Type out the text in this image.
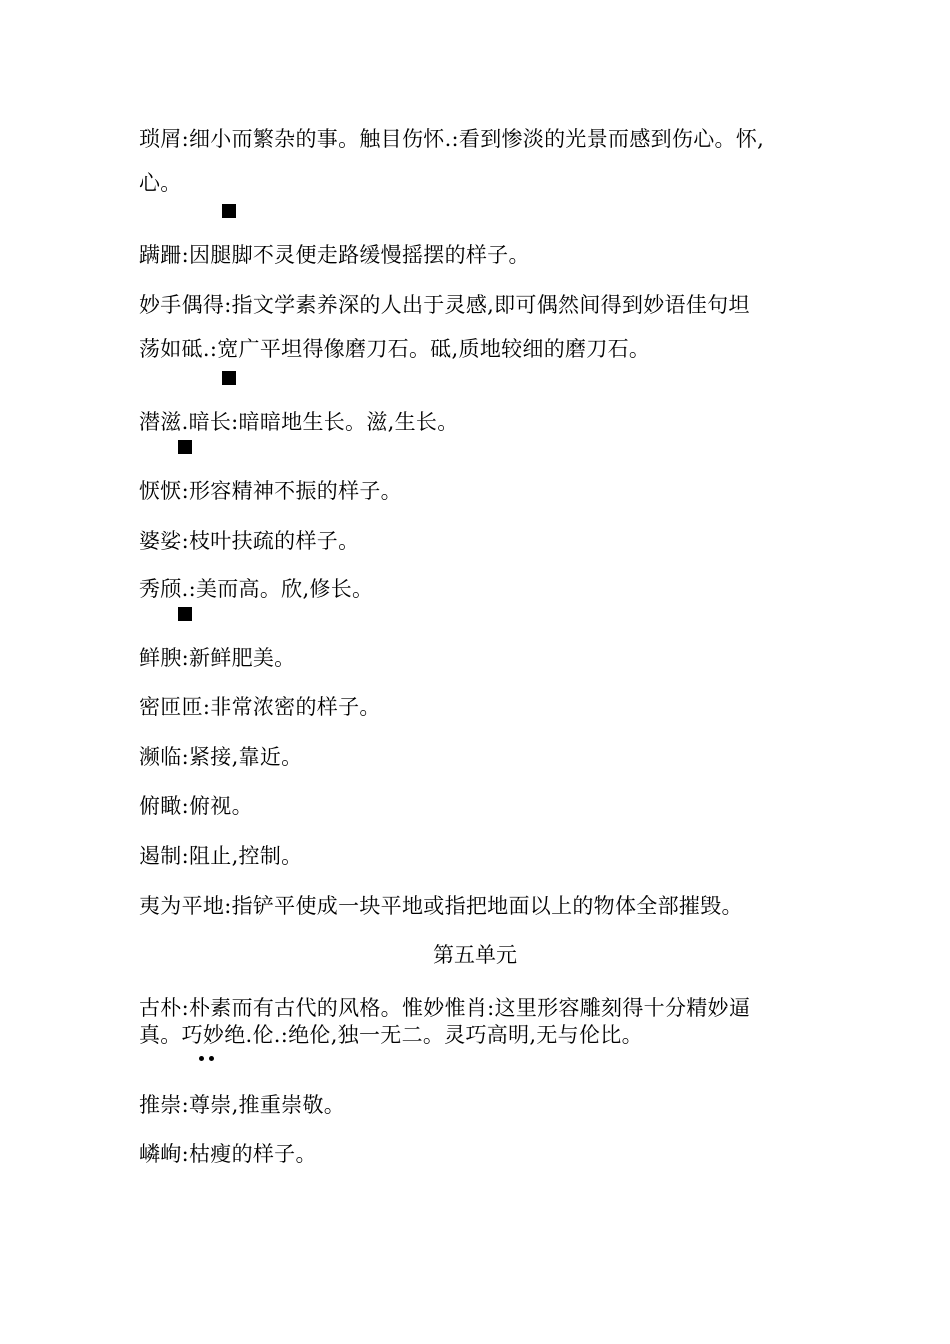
琐屑:细小而繁杂的事。触目伤怀.:看到惨淡的光景而感到伤心。怀,
心。
蹒跚:因腿脚不灵便走路缓慢摇摆的样子。
妙手偶得:指文学素养深的人出于灵感,即可偶然间得到妙语佳句坦
荡如砥.:宽广平坦得像磨刀石。砥,质地较细的磨刀石。
潜滋.暗长:暗暗地生长。滋,生长。
恹恹:形容精神不振的样子。
婆娑:枝叶扶疏的样子。
秀颀.:美而高。欣,修长。
鲜腴:新鲜肥美。
密匝匝:非常浓密的样子。
濒临:紧接,靠近。
俯瞰:俯视。
遏制:阻止,控制。
夷为平地:指铲平使成一块平地或指把地面以上的物体全部摧毁。
第五单元
古朴:朴素而有古代的风格。惟妙惟肖:这里形容雕刻得十分精妙逼
真。巧妙绝.伦.:绝伦,独一无二。灵巧高明,无与伦比。
推崇:尊崇,推重崇敬。
嶙峋:枯瘦的样子。
